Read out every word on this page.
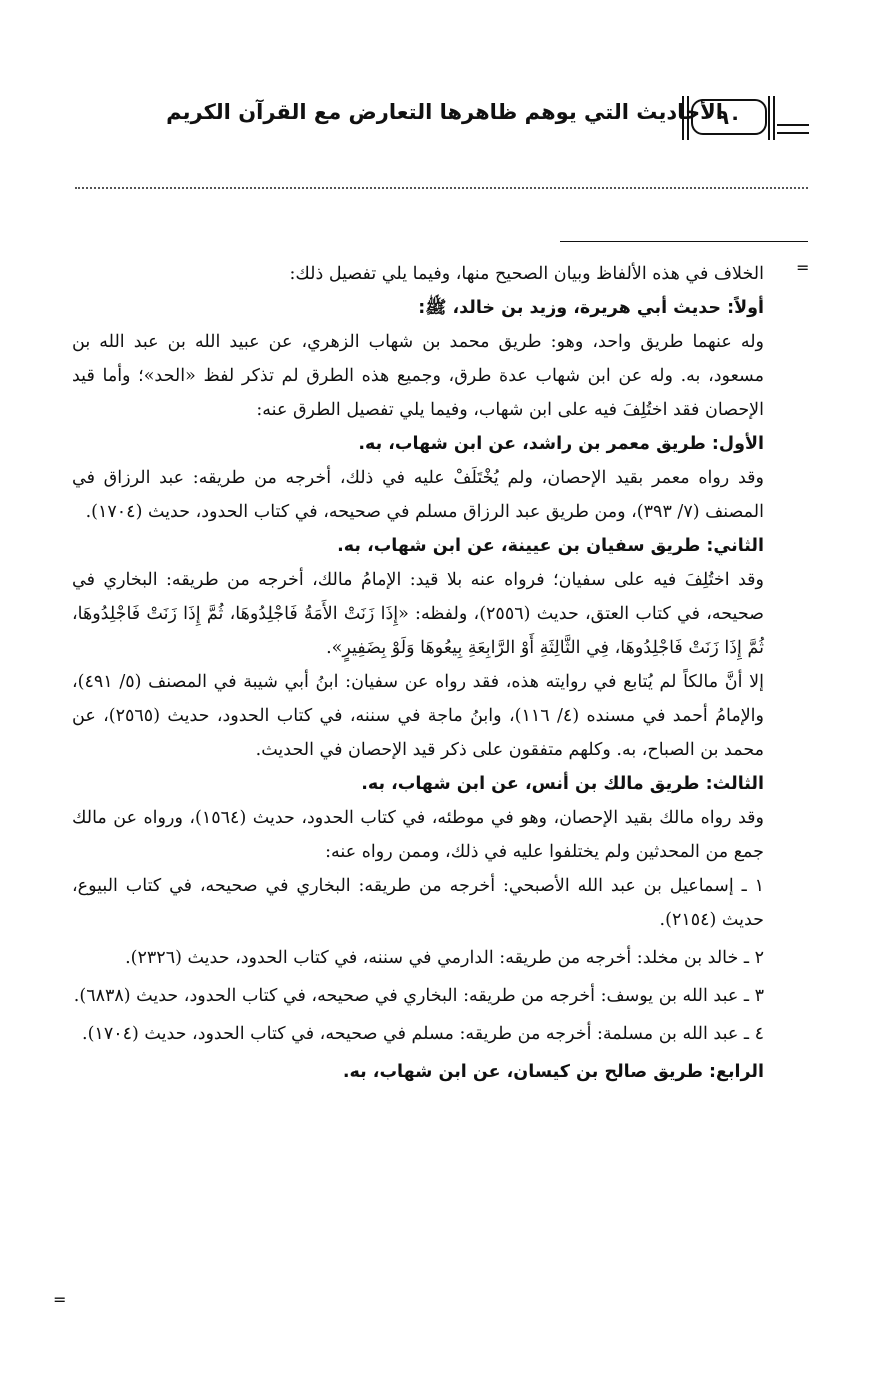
الأحاديث التي يوهم ظاهرها التعارض مع القرآن الكريم
٩٠
=
=

الخلاف في هذه الألفاظ وبيان الصحيح منها، وفيما يلي تفصيل ذلك:

أولاً: حديث أبي هريرة، وزيد بن خالد، ﷺ:

وله عنهما طريق واحد، وهو: طريق محمد بن شهاب الزهري، عن عبيد الله بن عبد الله بن مسعود، به. وله عن ابن شهاب عدة طرق، وجميع هذه الطرق لم تذكر لفظ «الحد»؛ وأما قيد الإحصان فقد اختُلِفَ فيه على ابن شهاب، وفيما يلي تفصيل الطرق عنه:

الأول: طريق معمر بن راشد، عن ابن شهاب، به.

وقد رواه معمر بقيد الإحصان، ولم يُخْتَلَفْ عليه في ذلك، أخرجه من طريقه: عبد الرزاق في المصنف (٧/ ٣٩٣)، ومن طريق عبد الرزاق مسلم في صحيحه، في كتاب الحدود، حديث (١٧٠٤).

الثاني: طريق سفيان بن عيينة، عن ابن شهاب، به.

وقد اختُلِفَ فيه على سفيان؛ فرواه عنه بلا قيد: الإمامُ مالك، أخرجه من طريقه: البخاري في صحيحه، في كتاب العتق، حديث (٢٥٥٦)، ولفظه: «إِذَا زَنَتْ الأَمَةُ فَاجْلِدُوهَا، ثُمَّ إِذَا زَنَتْ فَاجْلِدُوهَا، ثُمَّ إِذَا زَنَتْ فَاجْلِدُوهَا، فِي الثَّالِثَةِ أَوْ الرَّابِعَةِ بِيعُوهَا وَلَوْ بِضَفِيرٍ».

إلا أنَّ مالكاً لم يُتابع في روايته هذه، فقد رواه عن سفيان: ابنُ أبي شيبة في المصنف (٥/ ٤٩١)، والإمامُ أحمد في مسنده (٤/ ١١٦)، وابنُ ماجة في سننه، في كتاب الحدود، حديث (٢٥٦٥)، عن محمد بن الصباح، به. وكلهم متفقون على ذكر قيد الإحصان في الحديث.

الثالث: طريق مالك بن أنس، عن ابن شهاب، به.

وقد رواه مالك بقيد الإحصان، وهو في موطئه، في كتاب الحدود، حديث (١٥٦٤)، ورواه عن مالك جمع من المحدثين ولم يختلفوا عليه في ذلك، وممن رواه عنه:

١ ـ إسماعيل بن عبد الله الأصبحي: أخرجه من طريقه: البخاري في صحيحه، في كتاب البيوع، حديث (٢١٥٤).

٢ ـ خالد بن مخلد: أخرجه من طريقه: الدارمي في سننه، في كتاب الحدود، حديث (٢٣٢٦).

٣ ـ عبد الله بن يوسف: أخرجه من طريقه: البخاري في صحيحه، في كتاب الحدود، حديث (٦٨٣٨).

٤ ـ عبد الله بن مسلمة: أخرجه من طريقه: مسلم في صحيحه، في كتاب الحدود، حديث (١٧٠٤).

الرابع: طريق صالح بن كيسان، عن ابن شهاب، به.
